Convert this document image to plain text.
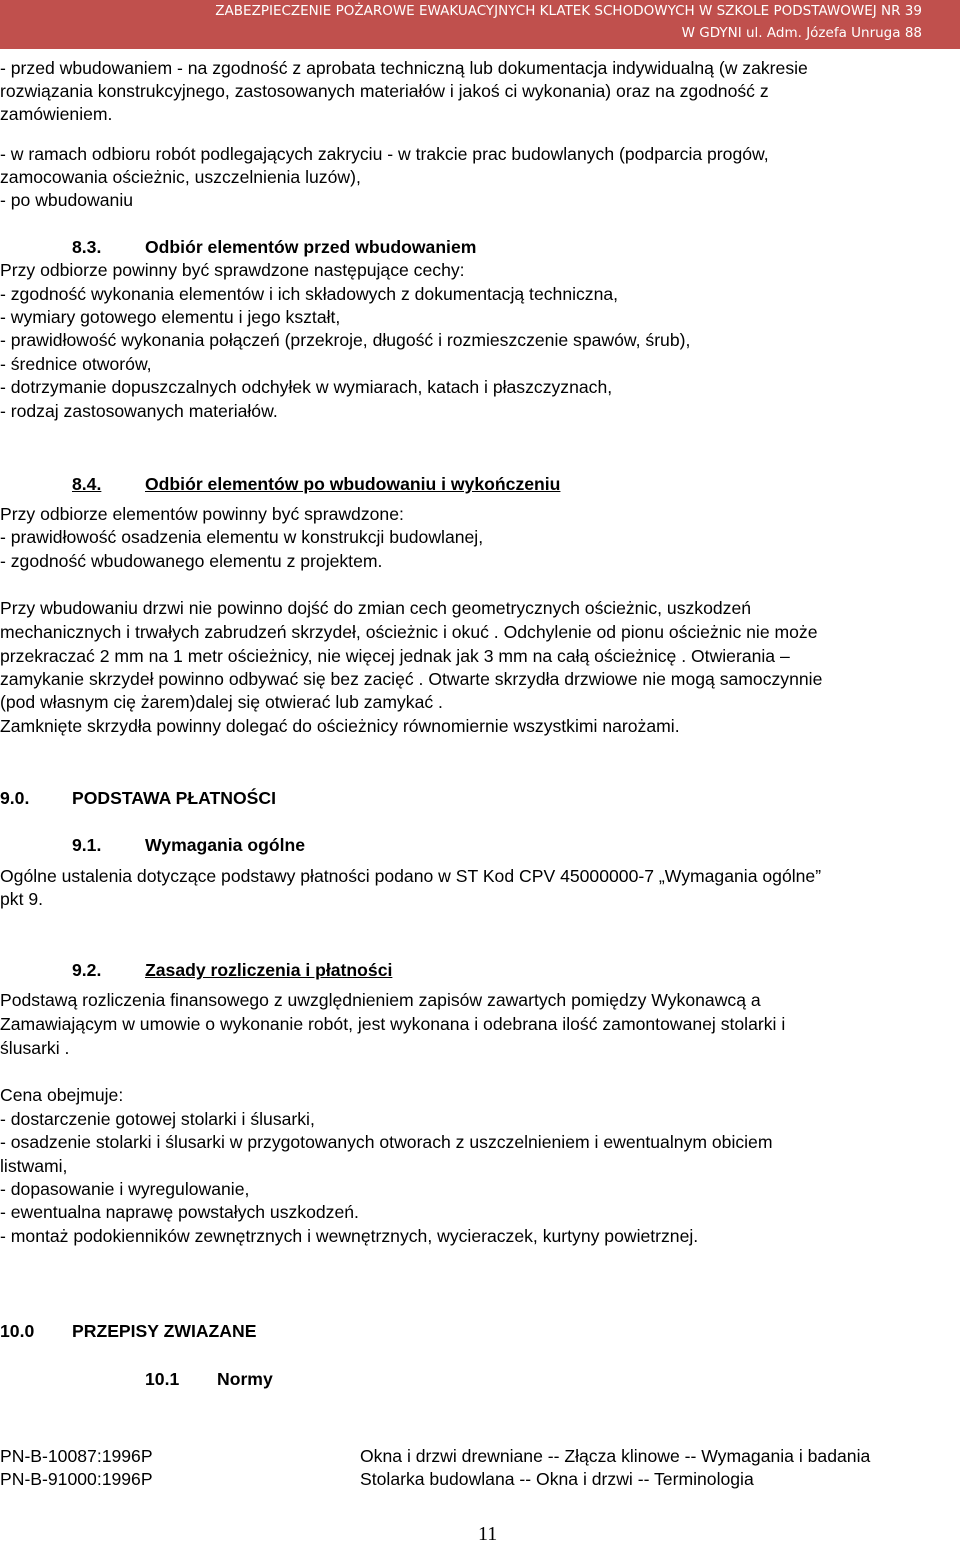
ZABEZPIECZENIE POŻAROWE EWAKUACYJNYCH KLATEK SCHODOWYCH W SZKOLE PODSTAWOWEJ NR 39
W GDYNI ul. Adm. Józefa Unruga 88
- przed wbudowaniem - na zgodność z aprobata techniczną lub dokumentacja indywidualną (w zakresie
rozwiązania konstrukcyjnego, zastosowanych materiałów i jakoś ci wykonania) oraz na zgodność z
zamówieniem.
- w ramach odbioru robót podlegających zakryciu - w trakcie prac budowlanych (podparcia progów,
zamocowania ościeżnic, uszczelnienia luzów),
- po wbudowaniu
8.3. Odbiór elementów przed wbudowaniem
Przy odbiorze powinny być sprawdzone następujące cechy:
- zgodność wykonania elementów i ich składowych z dokumentacją techniczna,
- wymiary gotowego elementu i jego kształt,
- prawidłowość wykonania połączeń (przekroje, długość i rozmieszczenie spawów, śrub),
- średnice otworów,
- dotrzymanie dopuszczalnych odchyłek w wymiarach, katach i płaszczyznach,
- rodzaj zastosowanych materiałów.
8.4. Odbiór elementów po wbudowaniu i wykończeniu
Przy odbiorze elementów powinny być sprawdzone:
- prawidłowość osadzenia elementu w konstrukcji budowlanej,
- zgodność wbudowanego elementu z projektem.
Przy wbudowaniu drzwi nie powinno dojść do zmian cech geometrycznych ościeżnic, uszkodzeń
mechanicznych i trwałych zabrudzeń skrzydeł, ościeżnic i okuć . Odchylenie od pionu ościeżnic nie może
przekraczać 2 mm na 1 metr ościeżnicy, nie więcej jednak jak 3 mm na całą ościeżnicę . Otwierania –
zamykanie skrzydeł powinno odbywać się bez zacięć . Otwarte skrzydła drzwiowe nie mogą samoczynnie
(pod własnym cię żarem)dalej się otwierać lub zamykać .
Zamknięte skrzydła powinny dolegać do ościeżnicy równomiernie wszystkimi narożami.
9.0. PODSTAWA PŁATNOŚCI
9.1. Wymagania ogólne
Ogólne ustalenia dotyczące podstawy płatności podano w ST Kod CPV 45000000-7 „Wymagania ogólne”
pkt 9.
9.2. Zasady rozliczenia i płatności
Podstawą rozliczenia finansowego z uwzględnieniem zapisów zawartych pomiędzy Wykonawcą a
Zamawiającym w umowie o wykonanie robót, jest wykonana i odebrana ilość zamontowanej stolarki i
ślusarki .
Cena obejmuje:
- dostarczenie gotowej stolarki i ślusarki,
- osadzenie stolarki i ślusarki w przygotowanych otworach z uszczelnieniem i ewentualnym obiciem
listwami,
- dopasowanie i wyregulowanie,
- ewentualna naprawę powstałych uszkodzeń.
- montaż podokienników zewnętrznych i wewnętrznych, wycieraczek, kurtyny powietrznej.
10.0 PRZEPISY ZWIAZANE
10.1 Normy
PN-B-10087:1996P	Okna i drzwi drewniane -- Złącza klinowe -- Wymagania i badania
PN-B-91000:1996P	Stolarka budowlana -- Okna i drzwi -- Terminologia
11
